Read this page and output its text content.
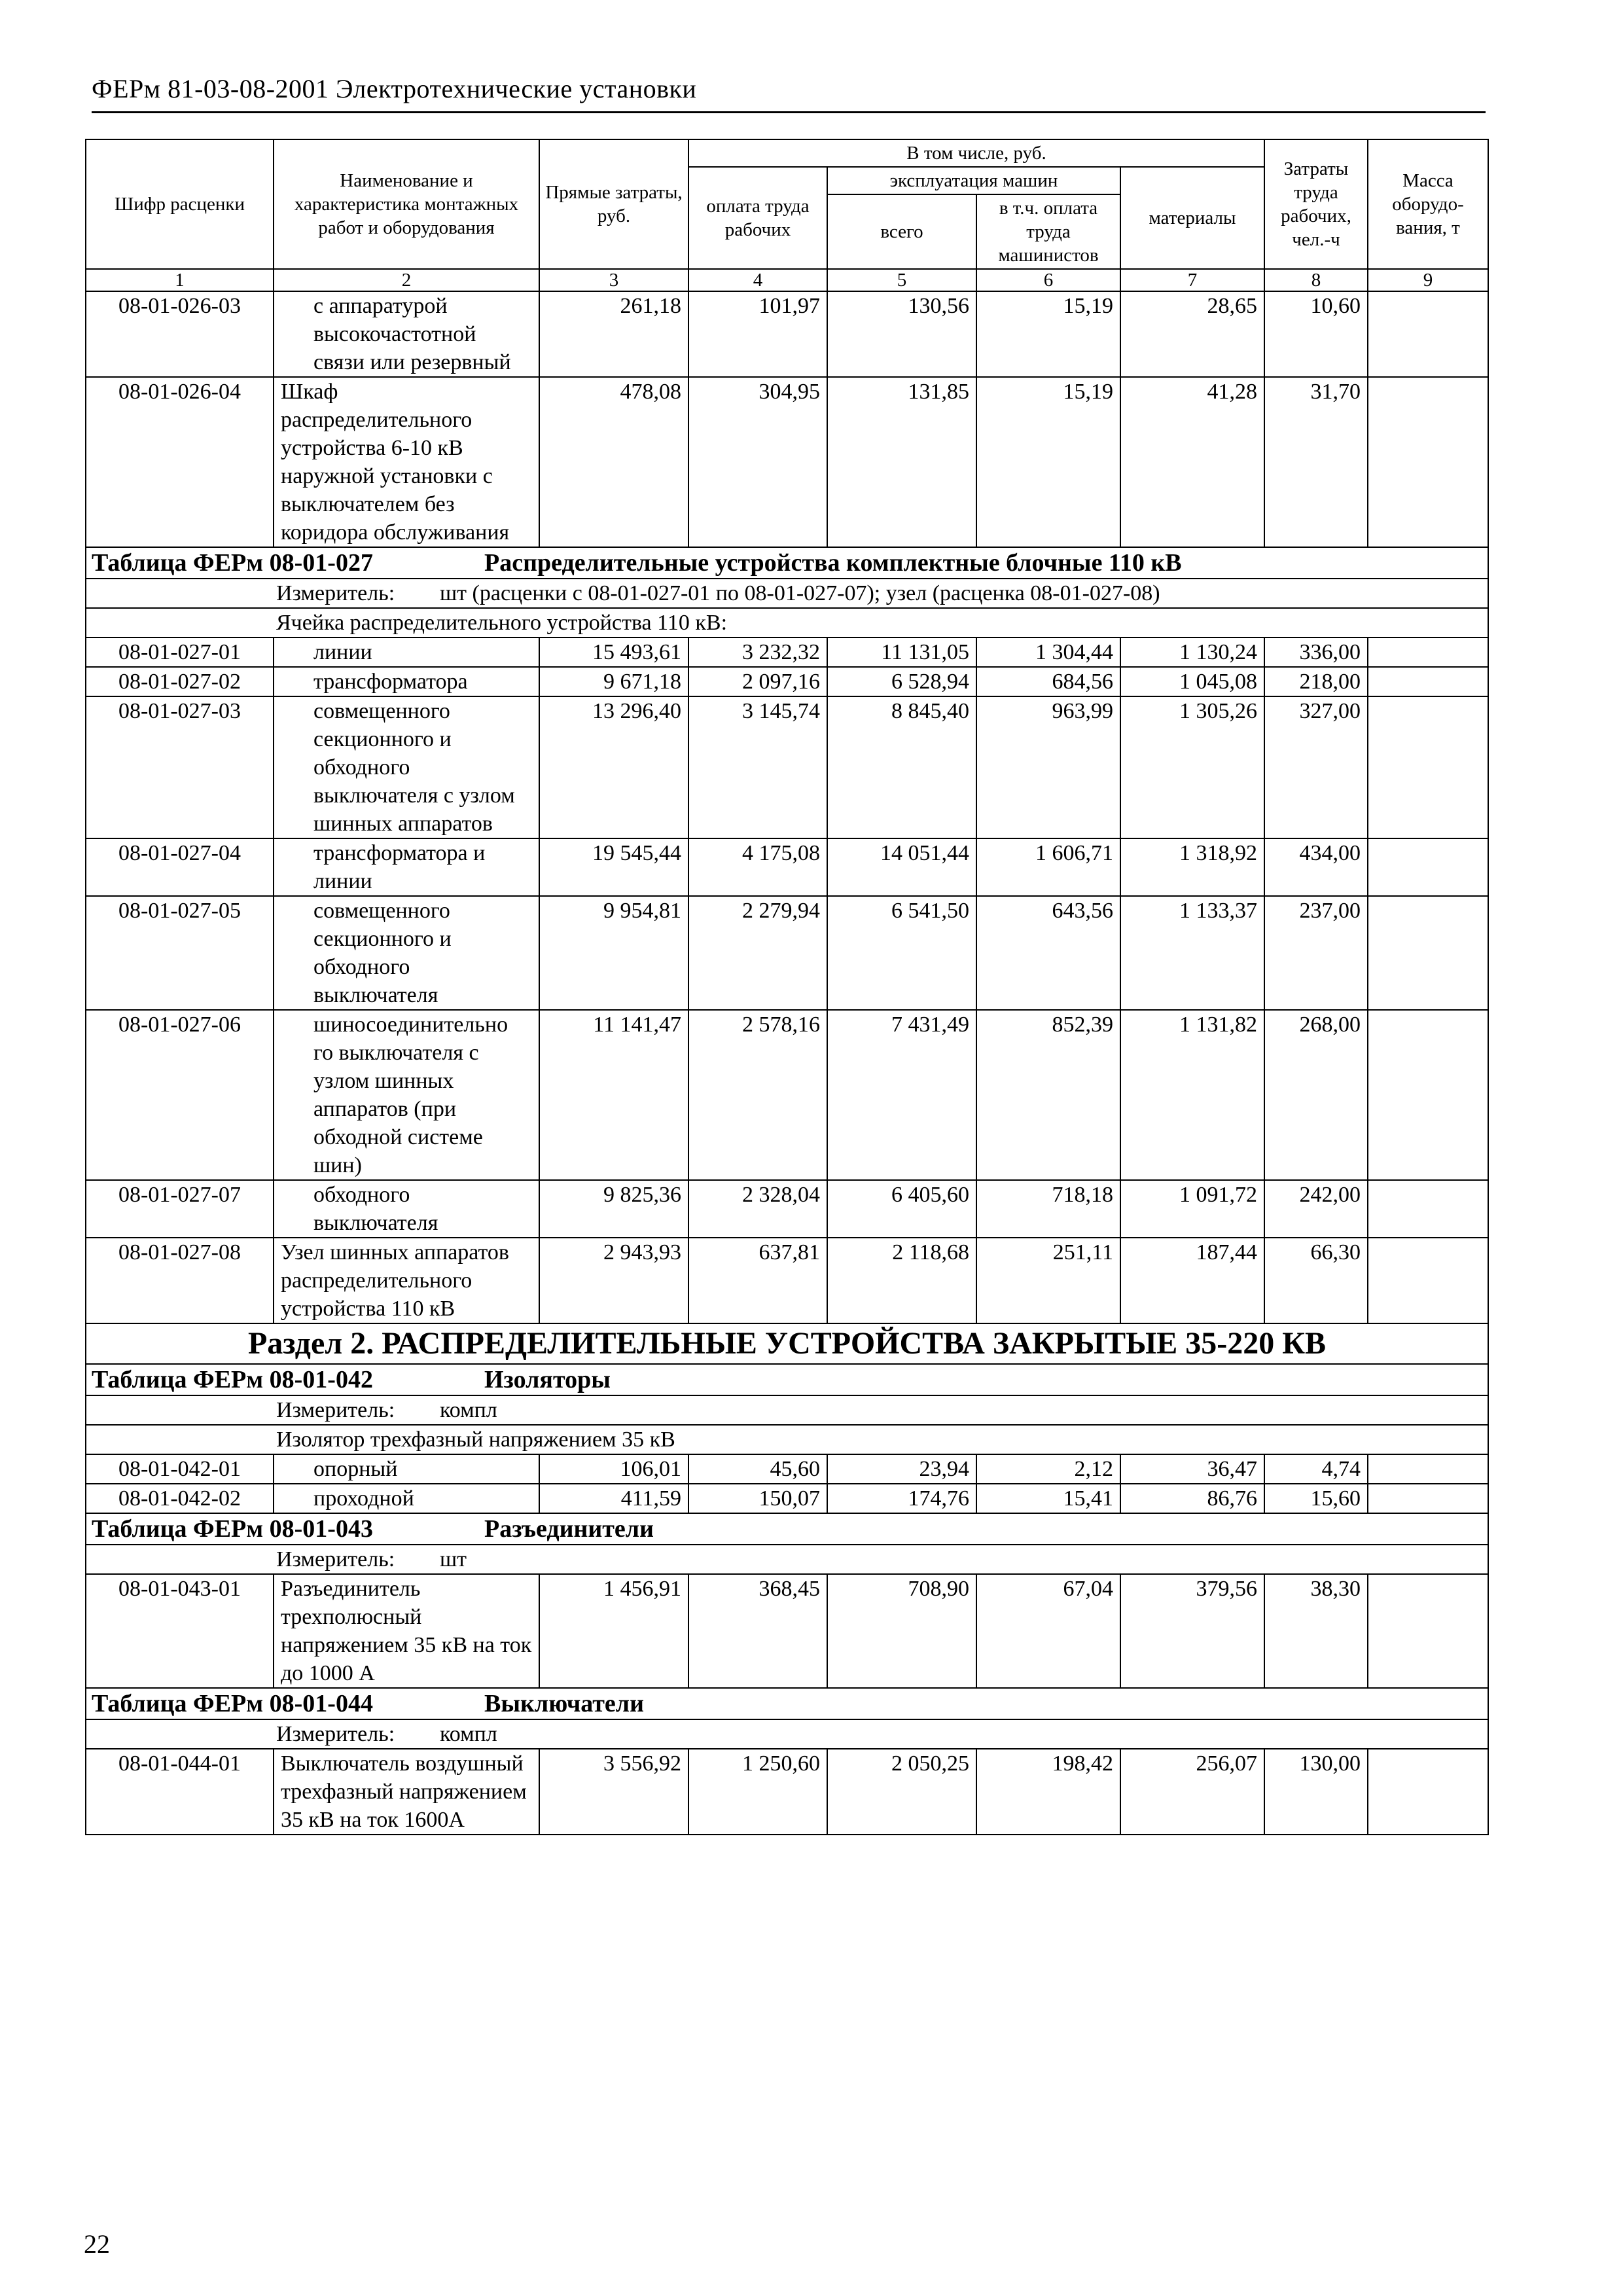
ФЕРм 81-03-08-2001 Электротехнические установки
Шифр расценки	Наименование и характеристика монтажных работ и оборудования	Прямые затраты, руб.	В том числе, руб.				Затраты труда рабочих, чел.-ч	Масса оборудо-вания, т
			оплата труда рабочих	эксплуатация машин		материалы		
				всего	в т.ч. оплата труда машинистов			
1	2	3	4	5	6	7	8	9
08-01-026-03	с аппаратурой высокочастотной связи или резервный	261,18	101,97	130,56	15,19	28,65	10,60	
08-01-026-04	Шкаф распределительного устройства 6-10 кВ наружной установки с выключателем без коридора обслуживания	478,08	304,95	131,85	15,19	41,28	31,70	
Таблица ФЕРм 08-01-027 Распределительные устройства комплектные блочные 110 кВ								
Измеритель: шт (расценки с 08-01-027-01 по 08-01-027-07); узел (расценка 08-01-027-08)								
Ячейка распределительного устройства 110 кВ:								
08-01-027-01	линии	15 493,61	3 232,32	11 131,05	1 304,44	1 130,24	336,00	
08-01-027-02	трансформатора	9 671,18	2 097,16	6 528,94	684,56	1 045,08	218,00	
08-01-027-03	совмещенного секционного и обходного выключателя с узлом шинных аппаратов	13 296,40	3 145,74	8 845,40	963,99	1 305,26	327,00	
08-01-027-04	трансформатора и линии	19 545,44	4 175,08	14 051,44	1 606,71	1 318,92	434,00	
08-01-027-05	совмещенного секционного и обходного выключателя	9 954,81	2 279,94	6 541,50	643,56	1 133,37	237,00	
08-01-027-06	шиносоединительно го выключателя с узлом шинных аппаратов (при обходной системе шин)	11 141,47	2 578,16	7 431,49	852,39	1 131,82	268,00	
08-01-027-07	обходного выключателя	9 825,36	2 328,04	6 405,60	718,18	1 091,72	242,00	
08-01-027-08	Узел шинных аппаратов распределительного устройства 110 кВ	2 943,93	637,81	2 118,68	251,11	187,44	66,30	
Раздел 2. РАСПРЕДЕЛИТЕЛЬНЫЕ УСТРОЙСТВА ЗАКРЫТЫЕ 35-220 КВ								
Таблица ФЕРм 08-01-042 Изоляторы								
Измеритель: компл								
Изолятор трехфазный напряжением 35 кВ								
08-01-042-01	опорный	106,01	45,60	23,94	2,12	36,47	4,74	
08-01-042-02	проходной	411,59	150,07	174,76	15,41	86,76	15,60	
Таблица ФЕРм 08-01-043 Разъединители								
Измеритель: шт								
08-01-043-01	Разъединитель трехполюсный напряжением 35 кВ на ток до 1000 А	1 456,91	368,45	708,90	67,04	379,56	38,30	
Таблица ФЕРм 08-01-044 Выключатели								
Измеритель: компл								
08-01-044-01	Выключатель воздушный трехфазный напряжением 35 кВ на ток 1600А	3 556,92	1 250,60	2 050,25	198,42	256,07	130,00	
22
